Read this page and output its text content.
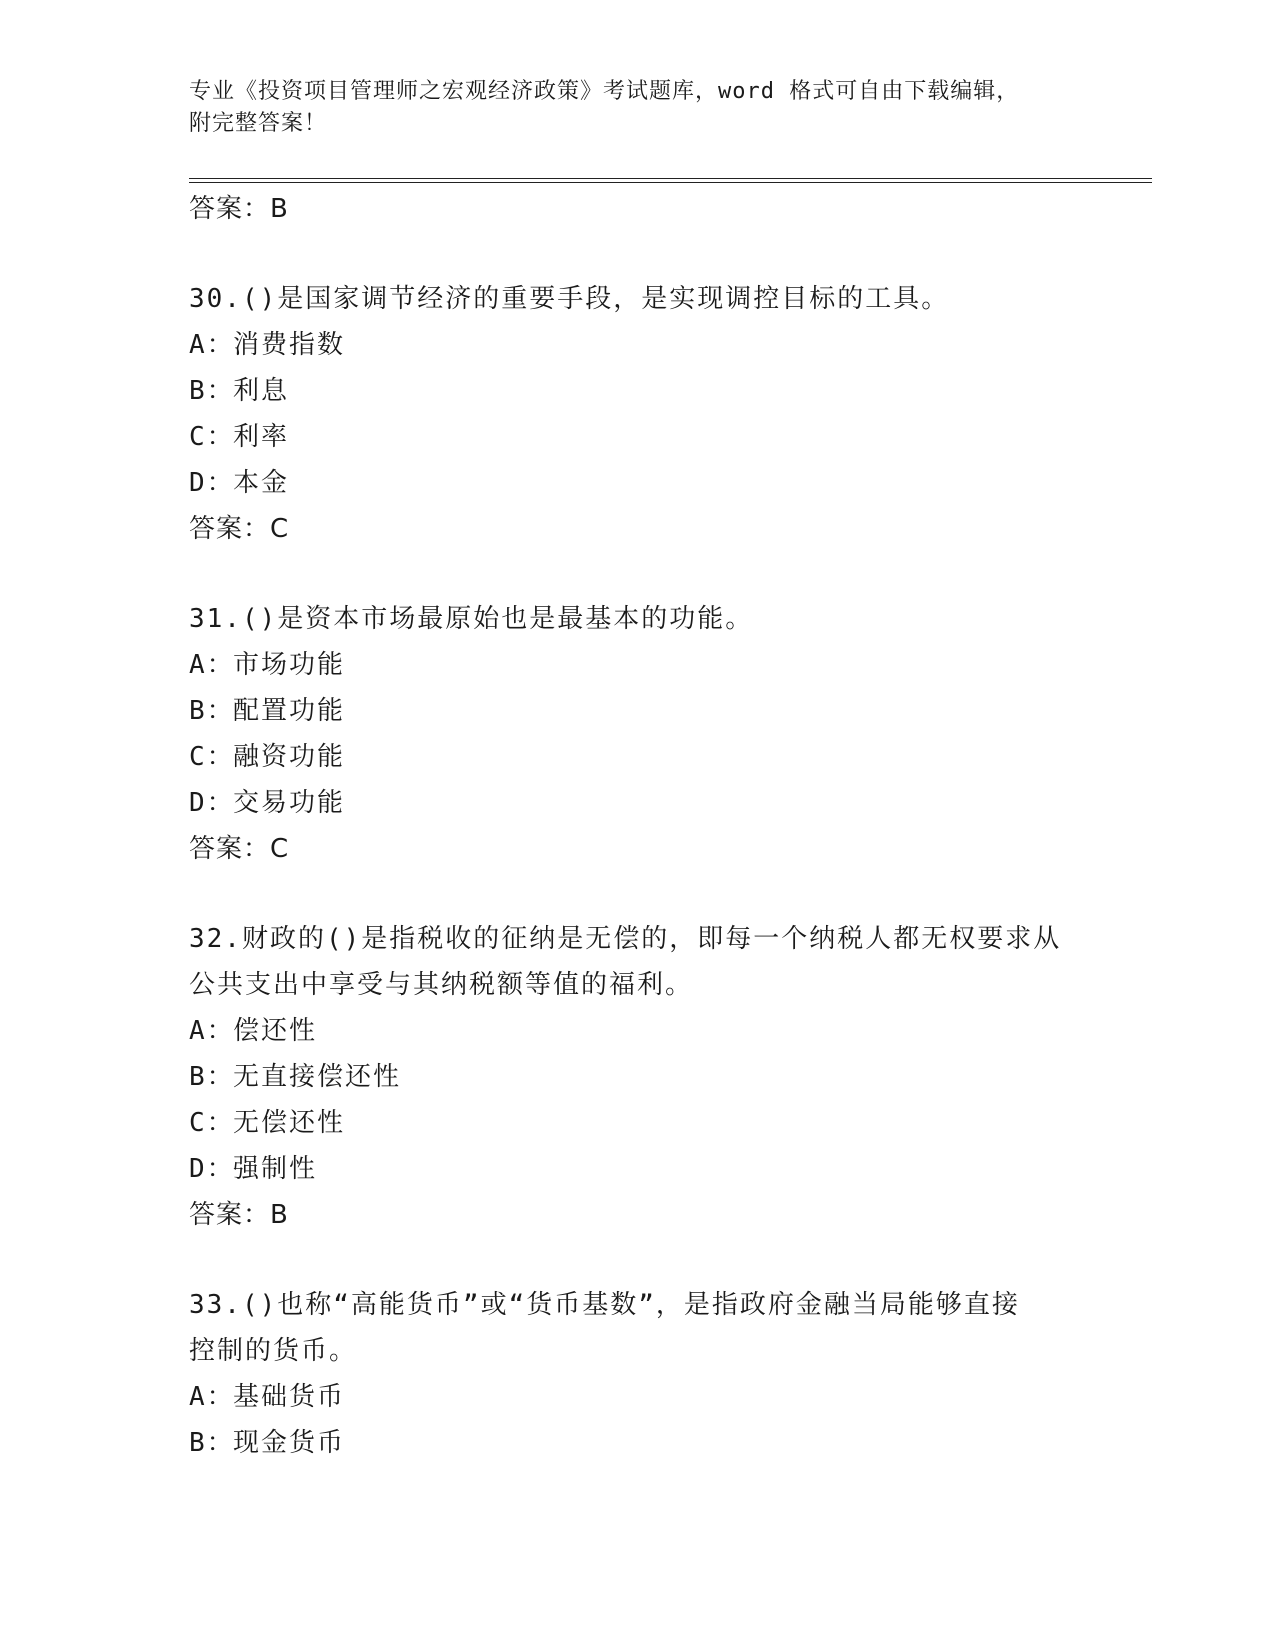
专业《投资项目管理师之宏观经济政策》考试题库，word 格式可自由下载编辑，
附完整答案！
答案：B
30.()是国家调节经济的重要手段，是实现调控目标的工具。
A：消费指数
B：利息
C：利率
D：本金
答案：C
31.()是资本市场最原始也是最基本的功能。
A：市场功能
B：配置功能
C：融资功能
D：交易功能
答案：C
32.财政的()是指税收的征纳是无偿的，即每一个纳税人都无权要求从
公共支出中享受与其纳税额等值的福利。
A：偿还性
B：无直接偿还性
C：无偿还性
D：强制性
答案：B
33.()也称“高能货币”或“货币基数”，是指政府金融当局能够直接
控制的货币。
A：基础货币
B：现金货币
